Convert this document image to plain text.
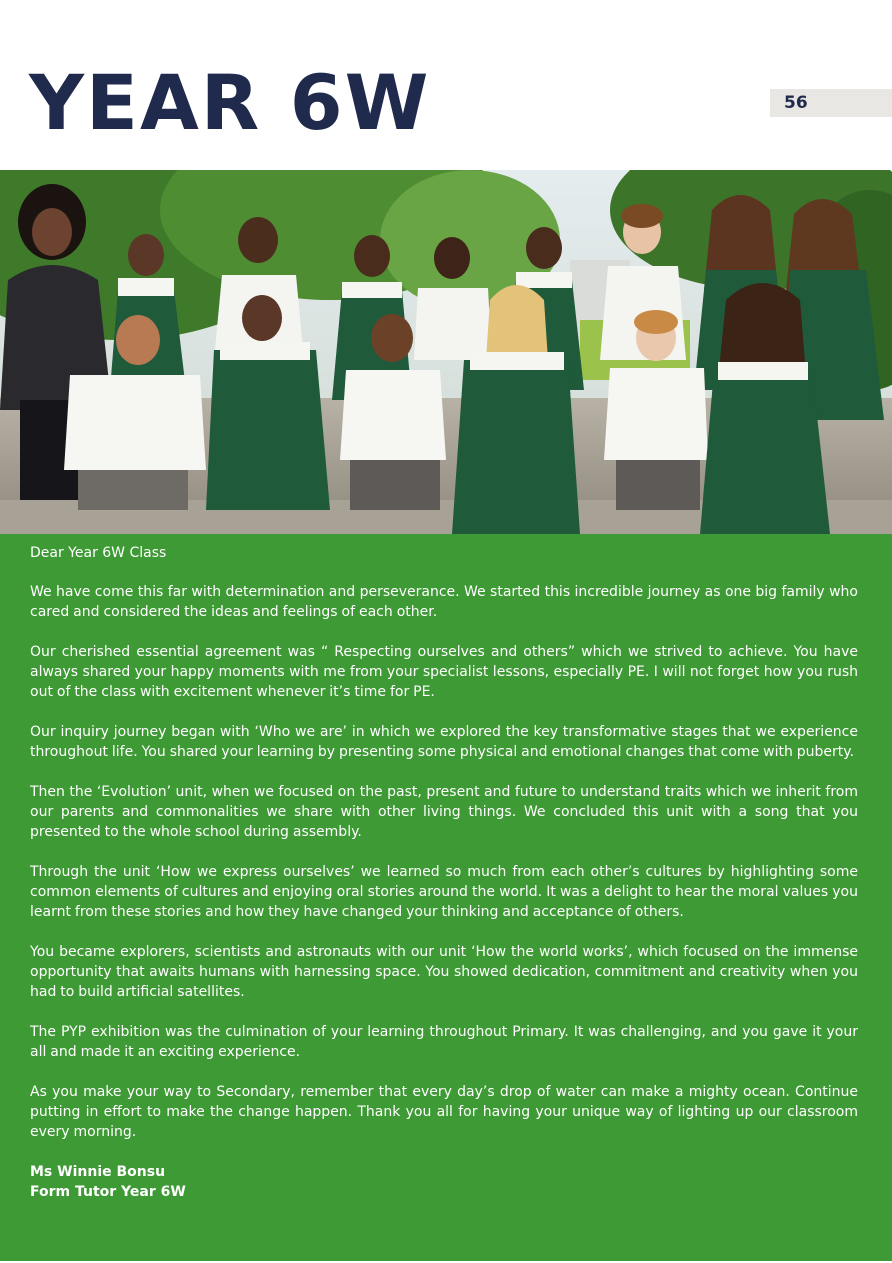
YEAR 6W	56

Dear Year 6W Class

We have come this far with determination and perseverance. We started this incredible journey as one big family who cared and considered the ideas and feelings of each other.

Our cherished essential agreement was “ Respecting ourselves and others” which we strived to achieve. You have always shared your happy moments with me from your specialist lessons, especially PE. I will not forget how you rush out of the class with excitement whenever it’s time for PE.

Our inquiry journey began with ‘Who we are’ in which we explored the key transformative stages that we experience throughout life. You shared your learning by presenting some physical and emotional changes that come with puberty.

Then the ‘Evolution’ unit, when we focused on the past, present and future to understand traits which we inherit from our parents and commonalities we share with other living things. We concluded this unit with a song that you presented to the whole school during assembly.

Through the unit ‘How we express ourselves’ we learned so much from each other’s cultures by highlighting some common elements of cultures and enjoying oral stories around the world. It was a delight to hear the moral values you learnt from these stories and how they have changed your thinking and acceptance of others.

You became explorers, scientists and astronauts with our unit ‘How the world works’, which focused on the immense opportunity that awaits humans with harnessing space. You showed dedication, commitment and creativity when you had to build artificial satellites.

The PYP exhibition was the culmination of your learning throughout Primary. It was challenging, and you gave it your all and made it an exciting experience.

As you make your way to Secondary, remember that every day’s drop of water can make a mighty ocean. Continue putting in effort to make the change happen. Thank you all for having your unique way of lighting up our classroom every morning.

Ms Winnie Bonsu

Form Tutor Year 6W
